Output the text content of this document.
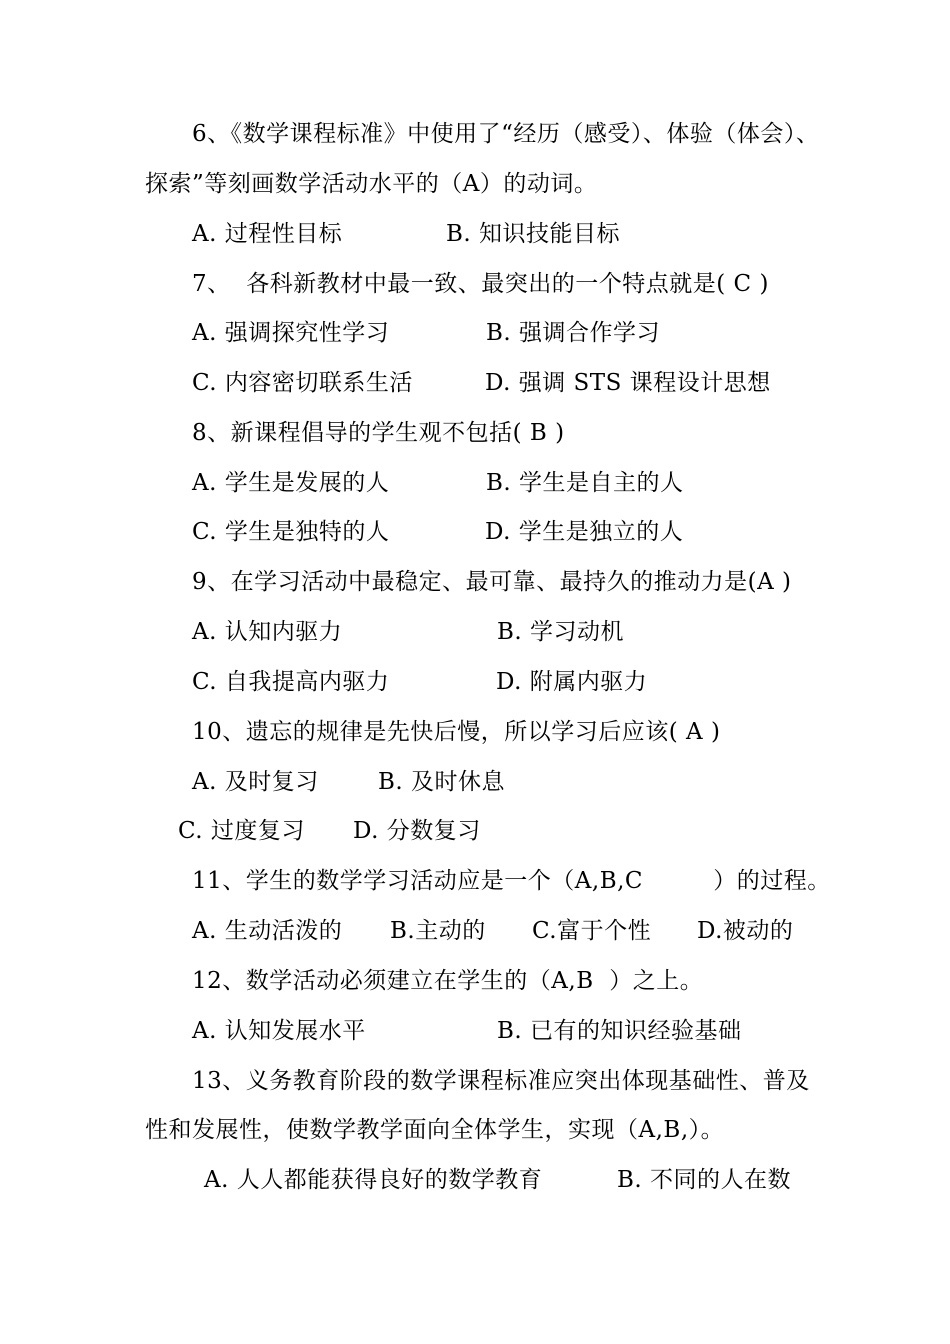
6、《数学课程标准》中使用了“经历（感受）、体验（体会）、
探索”等刻画数学活动水平的（A）的动词。
A. 过程性目标	B. 知识技能目标
7、  各科新教材中最一致、最突出的一个特点就是( C )
A. 强调探究性学习	B. 强调合作学习
C. 内容密切联系生活	D. 强调 STS 课程设计思想
8、新课程倡导的学生观不包括( B )
A. 学生是发展的人	B. 学生是自主的人
C. 学生是独特的人	D. 学生是独立的人
9、在学习活动中最稳定、最可靠、最持久的推动力是(A )
A. 认知内驱力	B. 学习动机
C. 自我提高内驱力	D. 附属内驱力
10、遗忘的规律是先快后慢，所以学习后应该( A )
A. 及时复习	B. 及时休息
C. 过度复习 D. 分数复习
11、学生的数学学习活动应是一个（A,B,C         ）的过程。
A. 生动活泼的 B.主动的 C.富于个性 D.被动的
12、数学活动必须建立在学生的（A,B  ）之上。
A. 认知发展水平	B. 已有的知识经验基础
13、义务教育阶段的数学课程标准应突出体现基础性、普及
性和发展性，使数学教学面向全体学生，实现（A,B,）。
A. 人人都能获得良好的数学教育	B. 不同的人在数
